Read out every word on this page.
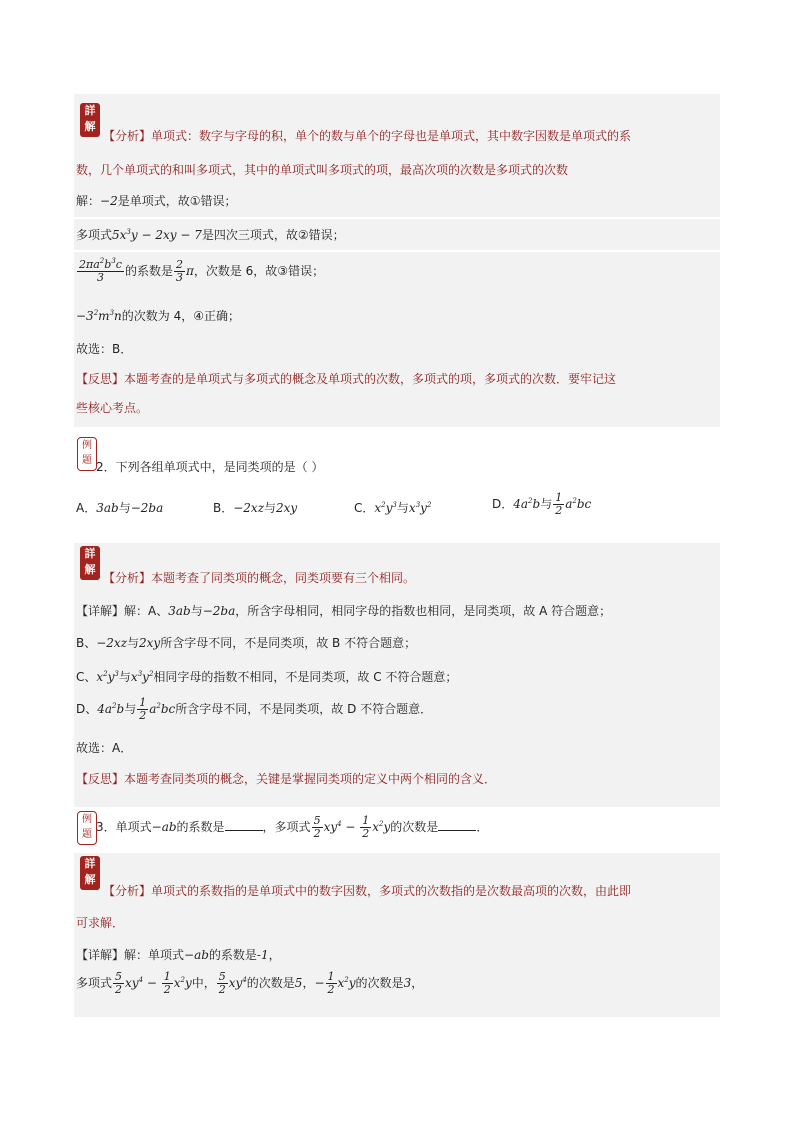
詳
解
【分析】单项式：数字与字母的积，单个的数与单个的字母也是单项式，其中数字因数是单项式的系
数，几个单项式的和叫多项式，其中的单项式叫多项式的项，最高次项的次数是多项式的次数
解：−2是单项式，故①错误；
多项式$5x^3y - 2xy - 7$是四次三项式，故②错误；
$\frac{2\pi a^2b^3c}{3}$ 的系数是 $\frac{2}{3}$ π，次数是 6，故③错误；
$-3^2m^3n$的次数为 4，④正确；
故选：B．
【反思】本题考查的是单项式与多项式的概念及单项式的次数，多项式的项，多项式的次数．要牢记这
些核心考点。
例
题 2．下列各组单项式中，是同类项的是（ ）
A．3ab与−2ba	B．−2xz与2xy	C．$x^2y^3$与$x^3y^2$	D．$4a^2b$与 $\frac{1}{2} a^2bc$
詳
解
【分析】本题考查了同类项的概念，同类项要有三个相同。
【详解】解：A、3ab与−2ba，所含字母相同，相同字母的指数也相同，是同类项，故 A 符合题意；
B、−2xz与2xy所含字母不同，不是同类项，故 B 不符合题意；
C、$x^2y^3$与$x^3y^2$相同字母的指数不相同，不是同类项，故 C 不符合题意；
D、$4a^2b$与 $\frac{1}{2} a^2bc$所含字母不同，不是同类项，故 D 不符合题意．
故选：A．
【反思】本题考查同类项的概念，关键是掌握同类项的定义中两个相同的含义．
例
题
3．单项式−ab的系数是	，多项式 $\frac{5}{2} xy^4 - \frac{1}{2} x^2y$的次数是	．
詳
解
【分析】单项式的系数指的是单项式中的数字因数，多项式的次数指的是次数最高项的次数，由此即
可求解．
【详解】解：单项式−ab的系数是-1，
多项式 $\frac{5}{2} xy^4 - \frac{1}{2} x^2y$中， $\frac{5}{2} xy^4$的次数是5，− $\frac{1}{2} x^2y$的次数是3，
